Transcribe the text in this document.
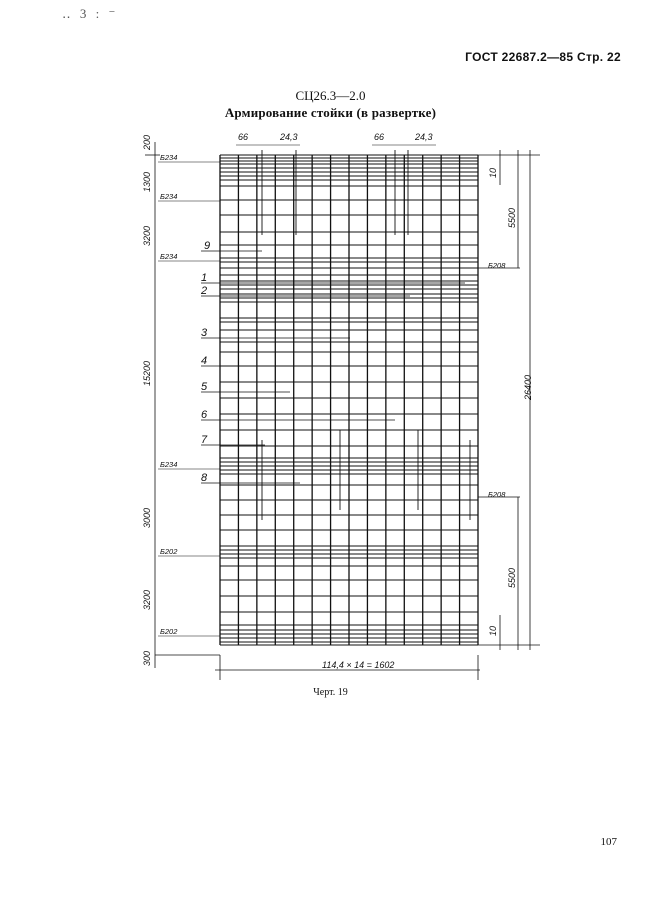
‥ 3 : ⁻
ГОСТ 22687.2—85 Стр. 22
СЦ26.3—2.0
Армирование стойки (в развертке)
66	24,3	66	24,3
200
1300
3200
15200
3000
3200
300
Б234
Б234
Б234
Б234
Б202
Б202
Б208
Б208
10
5500
26400
5500
10
9
1
2
3
4
5
6
7
8
114,4 × 14 = 1602
Черт. 19
107
